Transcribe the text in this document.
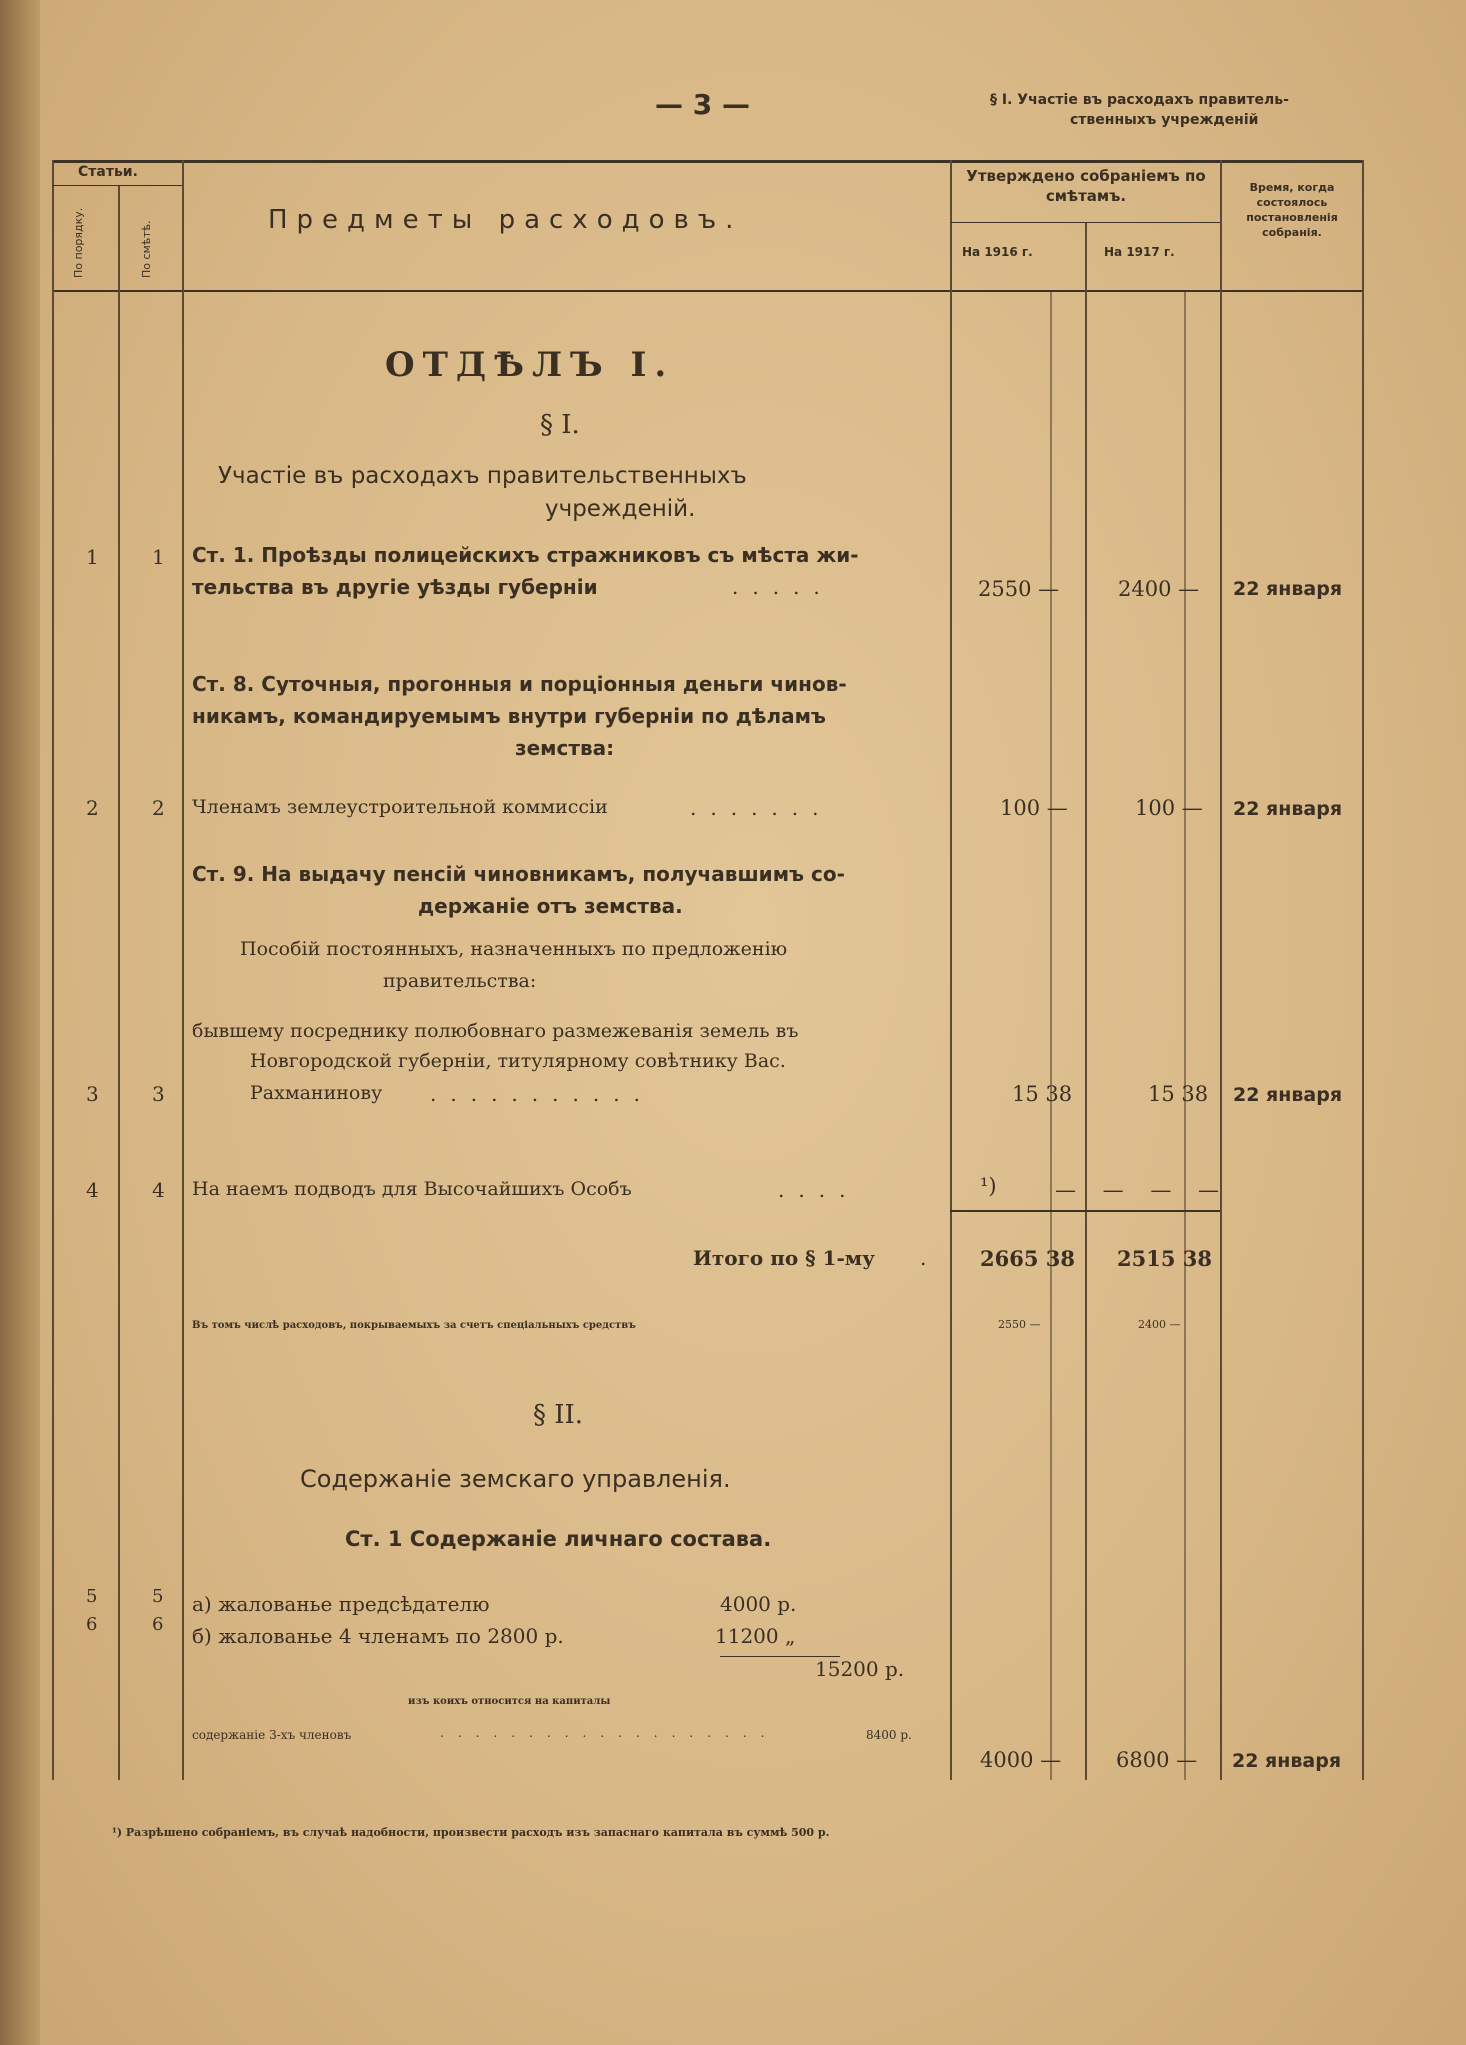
— 3 —	§ I. Участіе въ расходахъ правитель-
ственныхъ учрежденій
Статьи.
По порядку.	По смѣтѣ.
Предметы расходовъ.
Утверждено собраніемъ по смѣтамъ.
На 1916 г.	На 1917 г.
Время, когда состоялось постановленія собранія.
ОТДѢЛЪ I.
§ I.
Участіе въ расходахъ правительственныхъ
учрежденій.
1	1 Ст. 1. Проѣзды полицейскихъ стражниковъ съ мѣста жи-
тельства въ другіе уѣзды губерніи	.....	2550 —	2400 — 22 января
Ст. 8. Суточныя, прогонныя и порціонныя деньги чинов-
никамъ, командируемымъ внутри губерніи по дѣламъ
земства:
2	2 Членамъ землеустроительной коммиссіи	.......	100 —	100 — 22 января
Ст. 9. На выдачу пенсій чиновникамъ, получавшимъ со-
держаніе отъ земства.
Пособій постоянныхъ, назначенныхъ по предложенію
правительства:
бывшему посреднику полюбовнаго размежеванія земель въ
Новгородской губерніи, титулярному совѣтнику Вас.
Рахманинову ...........
3	3	15 38	15 38 22 января
4	4 На наемъ подводъ для Высочайшихъ Особъ	....	¹)	— — — —
Итого по § 1-му .	2665 38 2515 38
Въ томъ числѣ расходовъ, покрываемыхъ за счетъ спеціальныхъ средствъ	2550 —	2400 —
§ II.
Содержаніе земскаго управленія.
Ст. 1 Содержаніе личнаго состава.
5	5 а) жалованье предсѣдателю	4000 р.
6	6 б) жалованье 4 членамъ по 2800 р.	11200 „
15200 р.
изъ коихъ относится на капиталы
содержаніе 3-хъ членовъ	...................	8400 р.
4000 —	6800 — 22 января
¹) Разрѣшено собраніемъ, въ случаѣ надобности, произвести расходъ изъ запаснаго капитала въ суммѣ 500 р.
